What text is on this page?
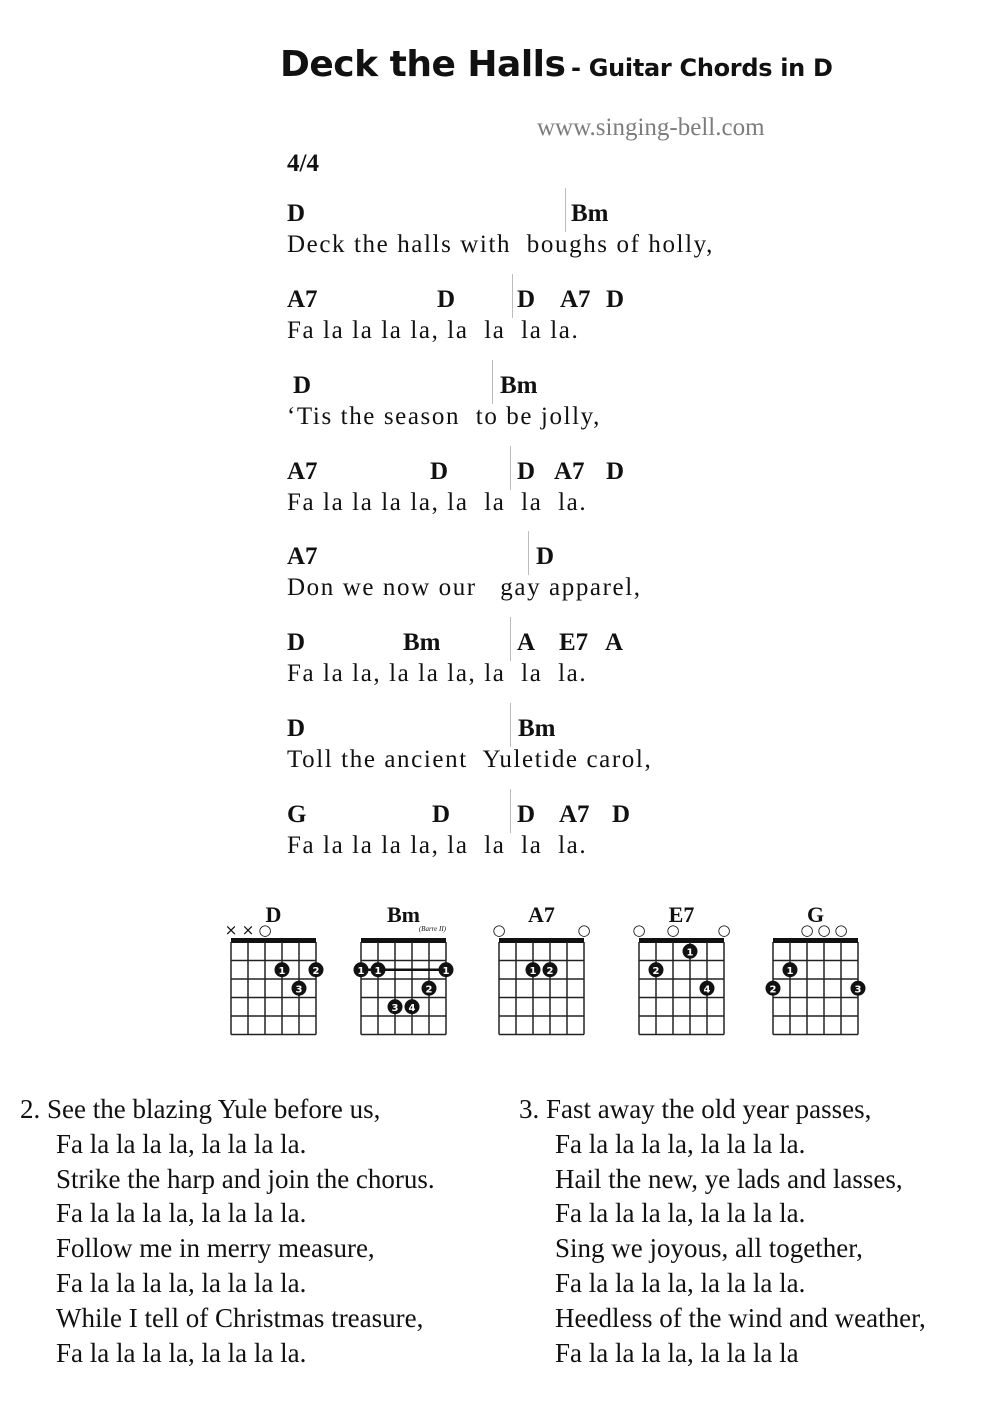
Deck the Halls - Guitar Chords in D
www.singing-bell.com
4/4
D	Bm
Deck the halls with  boughs of holly,
A7	D D A7 D
Fa la la la la, la  la  la la.
D	Bm
‘Tis the season  to be jolly,
A7	D	D A7 D
Fa la la la la, la  la  la  la.
A7	D
Don we now our   gay apparel,
D	Bm	A E7 A
Fa la la, la la la, la  la  la.
D	Bm
Toll the ancient  Yuletide carol,
G	D	D A7 D
Fa la la la la, la  la  la  la.
D
× × ○
1	2
3
Bm
(Barre II)
1 1	1
2
3 4
A7
○	○
1 2
E7
○ ○	○
1
2
4
G
○ ○ ○
1
2	3
2. See the blazing Yule before us,
Fa la la la la, la la la la.
Strike the harp and join the chorus.
Fa la la la la, la la la la.
Follow me in merry measure,
Fa la la la la, la la la la.
While I tell of Christmas treasure,
Fa la la la la, la la la la.
3. Fast away the old year passes,
Fa la la la la, la la la la.
Hail the new, ye lads and lasses,
Fa la la la la, la la la la.
Sing we joyous, all together,
Fa la la la la, la la la la.
Heedless of the wind and weather,
Fa la la la la, la la la la
